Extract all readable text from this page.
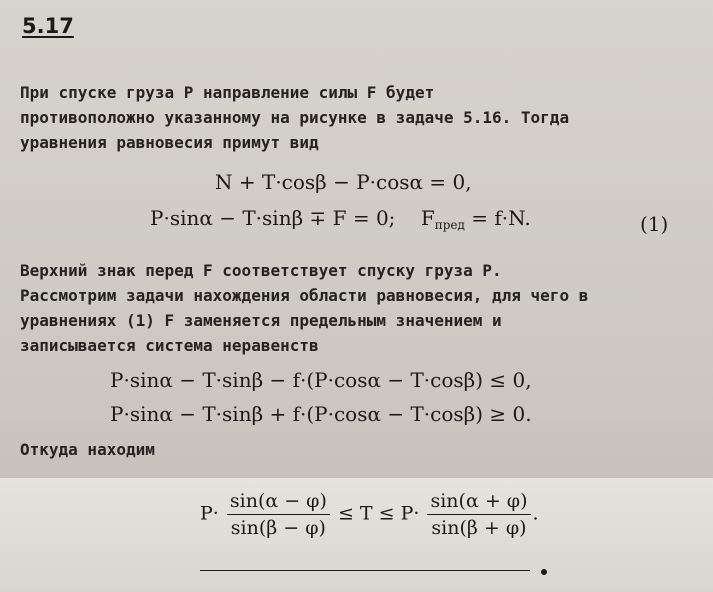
5.17
При спуске груза P направление силы F будет
противоположно указанному на рисунке в задаче 5.16. Тогда
уравнения равновесия примут вид
N + T·cosβ − P·cosα = 0,
P·sinα − T·sinβ ∓ F = 0; $F_{пред} = f\cdot N$.	(1)
Верхний знак перед F соответствует спуску груза P.
Рассмотрим задачи нахождения области равновесия, для чего в
уравнениях (1) F заменяется предельным значением и
записывается система неравенств
P·sinα − T·sinβ − f·(P·cosα − T·cosβ) ≤ 0,
P·sinα − T·sinβ + f·(P·cosα − T·cosβ) ≥ 0.
Откуда находим
$P\cdot \frac{\sin(\alpha - \varphi)}{\sin(\beta - \varphi)} \le T \le P\cdot \frac{\sin(\alpha + \varphi)}{\sin(\beta + \varphi)}$ .
